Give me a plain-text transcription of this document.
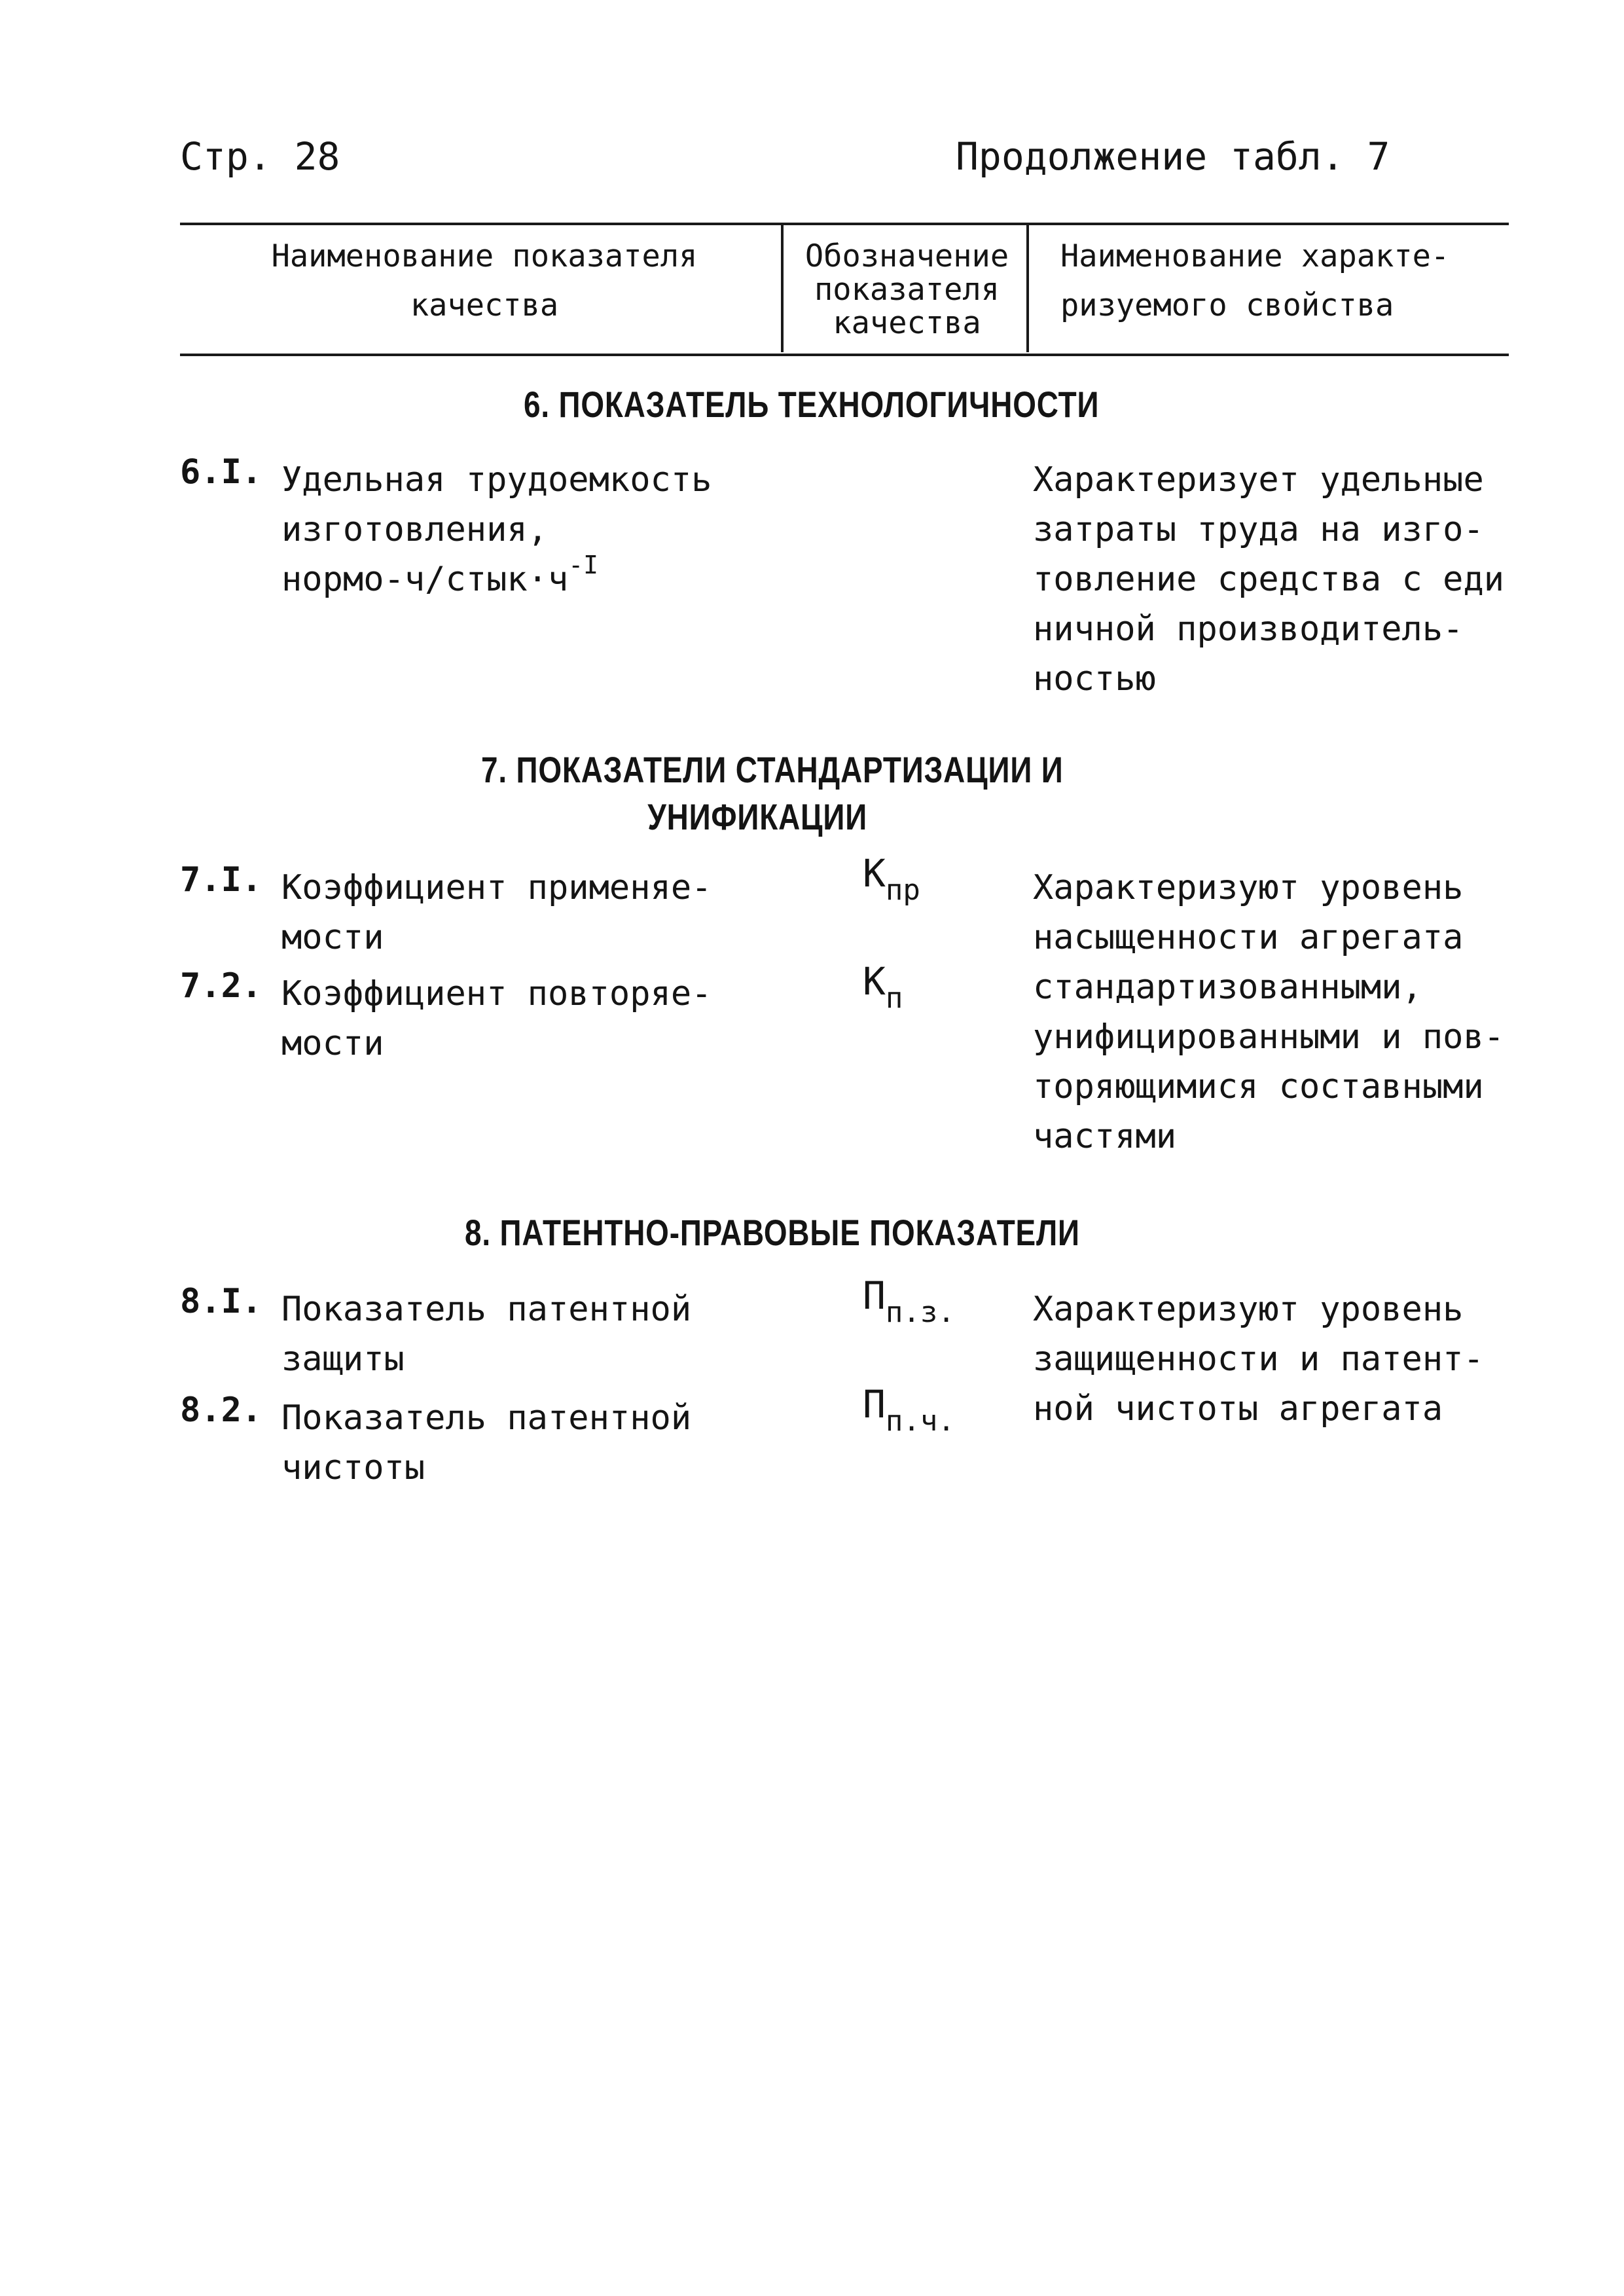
Стр. 28	Продолжение табл. 7
Наименование показателя
качества
Обозначение
показателя
качества
Наименование характе-
ризуемого свойства
6. ПОКАЗАТЕЛЬ ТЕХНОЛОГИЧНОСТИ
6.I. Удельная трудоемкость
изготовления,
нормо-$ч/стык\cdot ч^{-I}$
Характеризует удельные
затраты труда на изго-
товление средства с еди
ничной производитель-
ностью
7. ПОКАЗАТЕЛИ СТАНДАРТИЗАЦИИ И
УНИФИКАЦИИ
7.I. Коэффициент применяе-
мости
$К_{пр}$
7.2. Коэффициент повторяе-
мости
$К_п$
Характеризуют уровень
насыщенности агрегата
стандартизованными,
унифицированными и пов-
торяющимися составными
частями
8. ПАТЕНТНО-ПРАВОВЫЕ ПОКАЗАТЕЛИ
8.I. Показатель патентной
защиты
$П_{п.з.}$
8.2. Показатель патентной
чистоты
$П_{п.ч.}$
Характеризуют уровень
защищенности и патент-
ной чистоты агрегата
